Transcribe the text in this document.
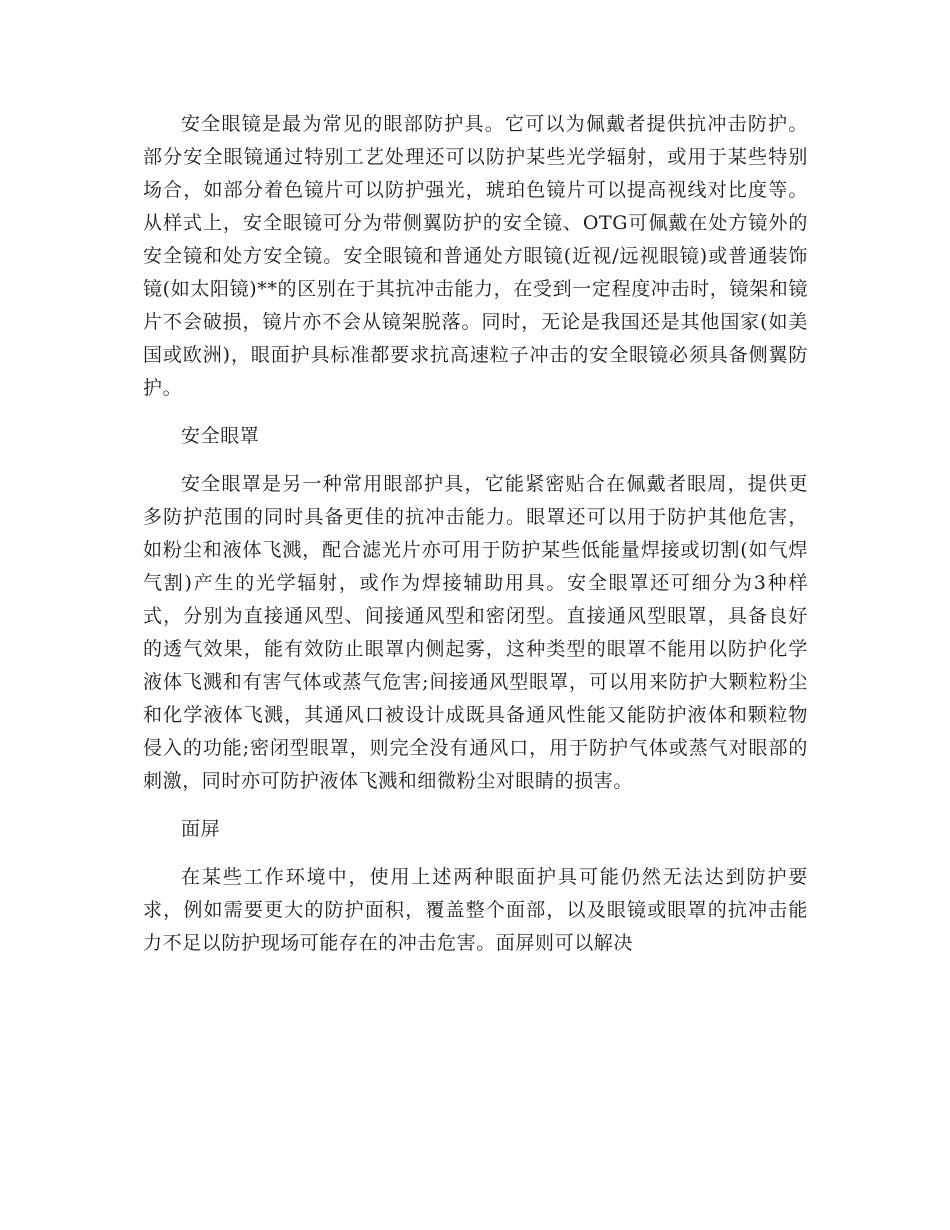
安全眼镜是最为常见的眼部防护具。它可以为佩戴者提供抗冲击防护。部分安全眼镜通过特别工艺处理还可以防护某些光学辐射，或用于某些特别场合，如部分着色镜片可以防护强光，琥珀色镜片可以提高视线对比度等。从样式上，安全眼镜可分为带侧翼防护的安全镜、OTG可佩戴在处方镜外的安全镜和处方安全镜。安全眼镜和普通处方眼镜(近视/远视眼镜)或普通装饰镜(如太阳镜)**的区别在于其抗冲击能力，在受到一定程度冲击时，镜架和镜片不会破损，镜片亦不会从镜架脱落。同时，无论是我国还是其他国家(如美国或欧洲)，眼面护具标准都要求抗高速粒子冲击的安全眼镜必须具备侧翼防护。

安全眼罩

安全眼罩是另一种常用眼部护具，它能紧密贴合在佩戴者眼周，提供更多防护范围的同时具备更佳的抗冲击能力。眼罩还可以用于防护其他危害，如粉尘和液体飞溅，配合滤光片亦可用于防护某些低能量焊接或切割(如气焊气割)产生的光学辐射，或作为焊接辅助用具。安全眼罩还可细分为3种样式，分别为直接通风型、间接通风型和密闭型。直接通风型眼罩，具备良好的透气效果，能有效防止眼罩内侧起雾，这种类型的眼罩不能用以防护化学液体飞溅和有害气体或蒸气危害;间接通风型眼罩，可以用来防护大颗粒粉尘和化学液体飞溅，其通风口被设计成既具备通风性能又能防护液体和颗粒物侵入的功能;密闭型眼罩，则完全没有通风口，用于防护气体或蒸气对眼部的刺激，同时亦可防护液体飞溅和细微粉尘对眼睛的损害。

面屏

在某些工作环境中，使用上述两种眼面护具可能仍然无法达到防护要求，例如需要更大的防护面积，覆盖整个面部，以及眼镜或眼罩的抗冲击能力不足以防护现场可能存在的冲击危害。面屏则可以解决
